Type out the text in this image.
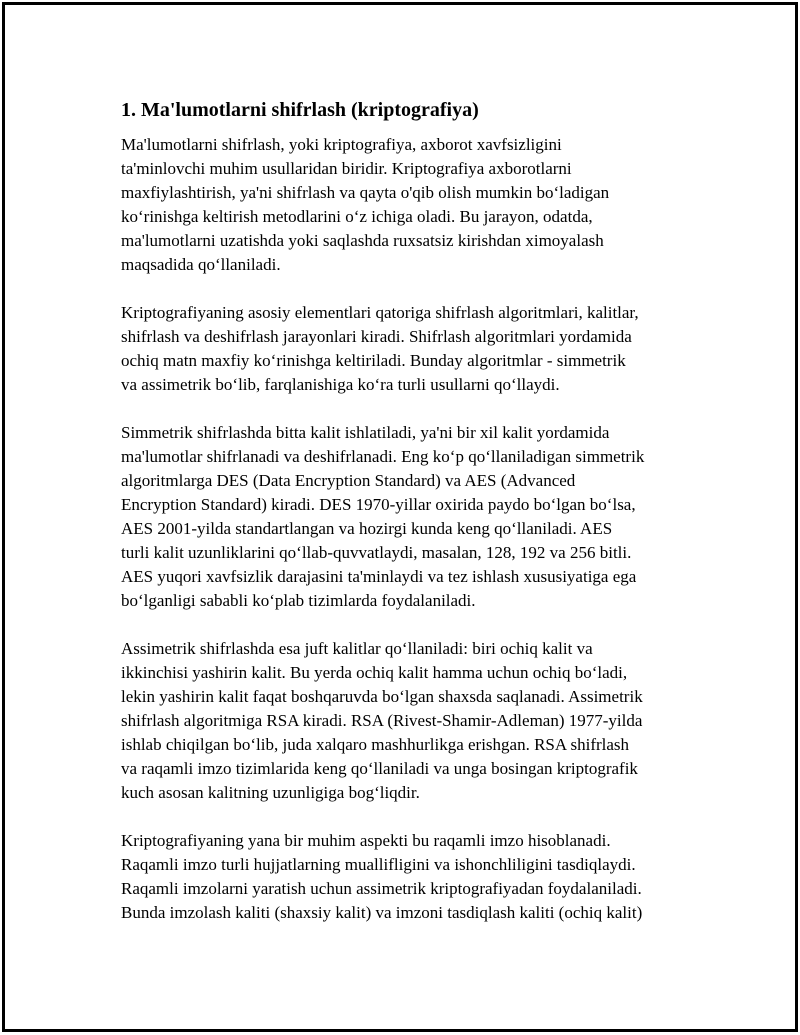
1. Ma'lumotlarni shifrlash (kriptografiya)
Ma'lumotlarni shifrlash, yoki kriptografiya, axborot xavfsizligini
ta'minlovchi muhim usullaridan biridir. Kriptografiya axborotlarni
maxfiylashtirish, ya'ni shifrlash va qayta o'qib olish mumkin bo‘ladigan
ko‘rinishga keltirish metodlarini o‘z ichiga oladi. Bu jarayon, odatda,
ma'lumotlarni uzatishda yoki saqlashda ruxsatsiz kirishdan ximoyalash
maqsadida qo‘llaniladi.
Kriptografiyaning asosiy elementlari qatoriga shifrlash algoritmlari, kalitlar,
shifrlash va deshifrlash jarayonlari kiradi. Shifrlash algoritmlari yordamida
ochiq matn maxfiy ko‘rinishga keltiriladi. Bunday algoritmlar - simmetrik
va assimetrik bo‘lib, farqlanishiga ko‘ra turli usullarni qo‘llaydi.
Simmetrik shifrlashda bitta kalit ishlatiladi, ya'ni bir xil kalit yordamida
ma'lumotlar shifrlanadi va deshifrlanadi. Eng ko‘p qo‘llaniladigan simmetrik
algoritmlarga DES (Data Encryption Standard) va AES (Advanced
Encryption Standard) kiradi. DES 1970-yillar oxirida paydo bo‘lgan bo‘lsa,
AES 2001-yilda standartlangan va hozirgi kunda keng qo‘llaniladi. AES
turli kalit uzunliklarini qo‘llab-quvvatlaydi, masalan, 128, 192 va 256 bitli.
AES yuqori xavfsizlik darajasini ta'minlaydi va tez ishlash xususiyatiga ega
bo‘lganligi sababli ko‘plab tizimlarda foydalaniladi.
Assimetrik shifrlashda esa juft kalitlar qo‘llaniladi: biri ochiq kalit va
ikkinchisi yashirin kalit. Bu yerda ochiq kalit hamma uchun ochiq bo‘ladi,
lekin yashirin kalit faqat boshqaruvda bo‘lgan shaxsda saqlanadi. Assimetrik
shifrlash algoritmiga RSA kiradi. RSA (Rivest-Shamir-Adleman) 1977-yilda
ishlab chiqilgan bo‘lib, juda xalqaro mashhurlikga erishgan. RSA shifrlash
va raqamli imzo tizimlarida keng qo‘llaniladi va unga bosingan kriptografik
kuch asosan kalitning uzunligiga bog‘liqdir.
Kriptografiyaning yana bir muhim aspekti bu raqamli imzo hisoblanadi.
Raqamli imzo turli hujjatlarning muallifligini va ishonchliligini tasdiqlaydi.
Raqamli imzolarni yaratish uchun assimetrik kriptografiyadan foydalaniladi.
Bunda imzolash kaliti (shaxsiy kalit) va imzoni tasdiqlash kaliti (ochiq kalit)
